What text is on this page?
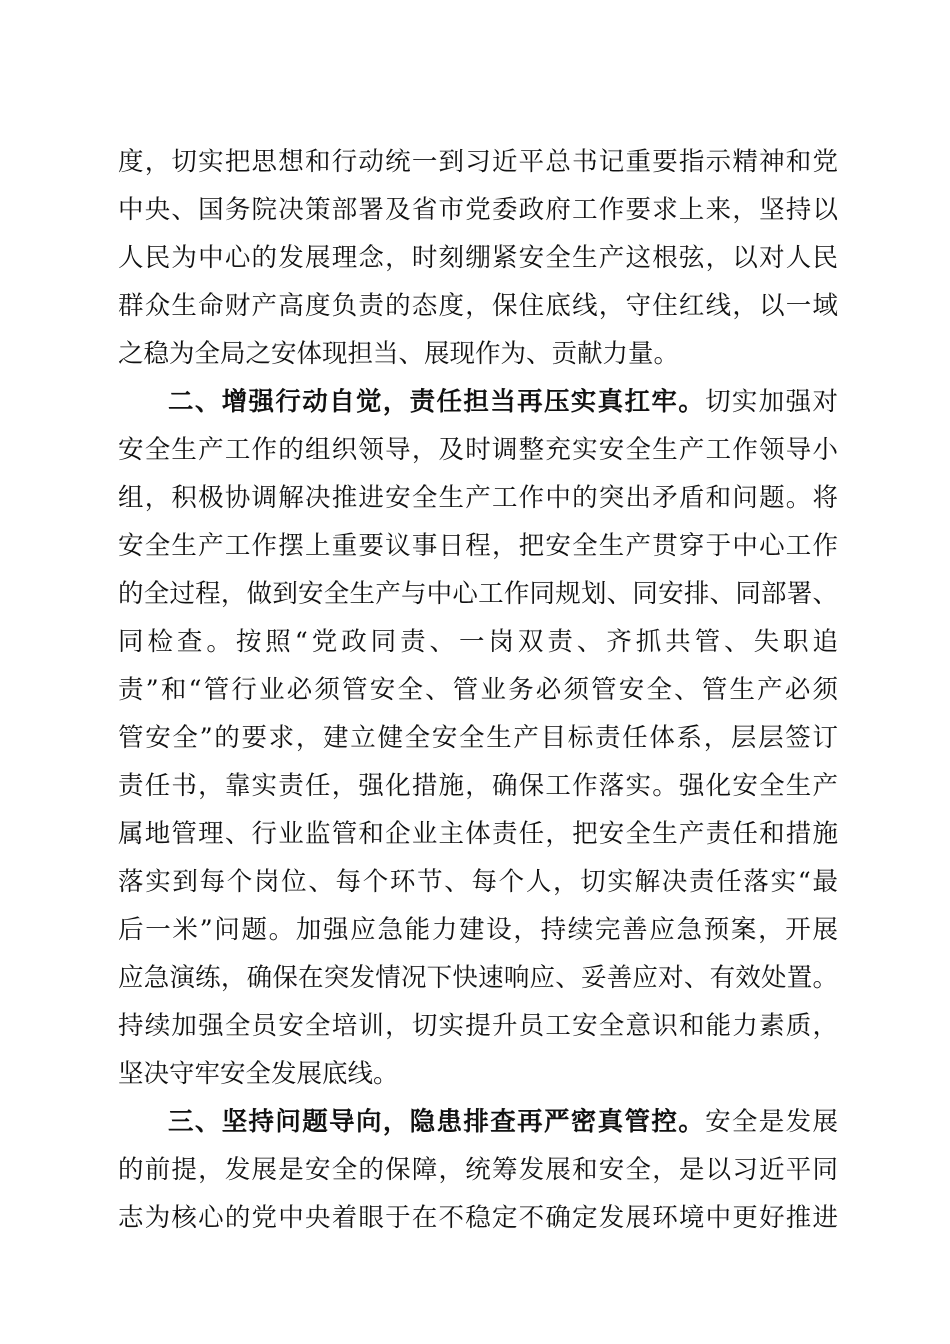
度，切实把思想和行动统一到习近平总书记重要指示精神和党
中央、国务院决策部署及省市党委政府工作要求上来，坚持以
人民为中心的发展理念，时刻绷紧安全生产这根弦，以对人民
群众生命财产高度负责的态度，保住底线，守住红线，以一域
之稳为全局之安体现担当、展现作为、贡献力量。
二、增强行动自觉，责任担当再压实真扛牢。切实加强对
安全生产工作的组织领导，及时调整充实安全生产工作领导小
组，积极协调解决推进安全生产工作中的突出矛盾和问题。将
安全生产工作摆上重要议事日程，把安全生产贯穿于中心工作
的全过程，做到安全生产与中心工作同规划、同安排、同部署、
同检查。按照“党政同责、一岗双责、齐抓共管、失职追
责”和“管行业必须管安全、管业务必须管安全、管生产必须
管安全”的要求，建立健全安全生产目标责任体系，层层签订
责任书，靠实责任，强化措施，确保工作落实。强化安全生产
属地管理、行业监管和企业主体责任，把安全生产责任和措施
落实到每个岗位、每个环节、每个人，切实解决责任落实“最
后一米”问题。加强应急能力建设，持续完善应急预案，开展
应急演练，确保在突发情况下快速响应、妥善应对、有效处置。
持续加强全员安全培训，切实提升员工安全意识和能力素质，
坚决守牢安全发展底线。
三、坚持问题导向，隐患排查再严密真管控。安全是发展
的前提，发展是安全的保障，统筹发展和安全，是以习近平同
志为核心的党中央着眼于在不稳定不确定发展环境中更好推进
